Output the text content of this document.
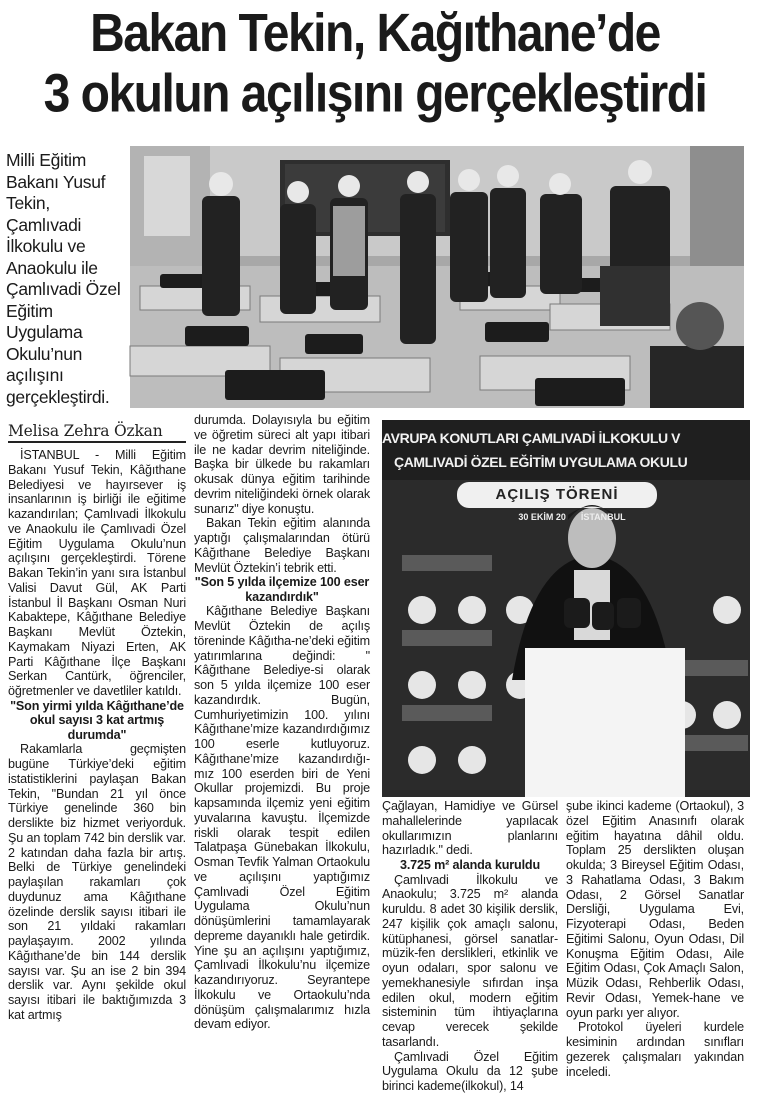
Bakan Tekin, Kağıthane’de
3 okulun açılışını gerçekleştirdi
Milli Eğitim Bakanı Yusuf Tekin, Çamlıvadi İlkokulu ve Anaokulu ile Çamlıvadi Özel Eğitim Uygulama Okulu’nun açılışını gerçekleştirdi.
Melisa Zehra Özkan

İSTANBUL - Milli Eğitim Bakanı Yusuf Tekin, Kâğıthane Belediyesi ve hayırsever iş insanlarının iş birliği ile eğitime kazandırılan; Çamlıvadi İlkokulu ve Anaokulu ile Çamlıvadi Özel Eğitim Uygulama Okulu’nun açılışını gerçekleştirdi. Törene Bakan Tekin’in yanı sıra İstanbul Valisi Davut Gül, AK Parti İstanbul İl Başkanı Osman Nuri Kabaktepe, Kâğıthane Belediye Başkanı Mevlüt Öztekin, Kaymakam Niyazi Erten, AK Parti Kâğıthane İlçe Başkanı Serkan Cantürk, öğrenciler, öğretmenler ve davetliler katıldı.

"Son yirmi yılda Kâğıthane’de okul sayısı 3 kat artmış durumda"

Rakamlarla geçmişten bugüne Türkiye’deki eğitim istatistiklerini paylaşan Bakan Tekin, "Bundan 21 yıl önce Türkiye genelinde 360 bin derslikte biz hizmet veriyorduk. Şu an toplam 742 bin derslik var. 2 katından daha fazla bir artış. Belki de Türkiye genelindeki paylaşılan rakamları çok duydunuz ama Kâğıthane özelinde derslik sayısı itibari ile son 21 yıldaki rakamları paylaşayım. 2002 yılında Kâğıthane’de bin 144 derslik sayısı var. Şu an ise 2 bin 394 derslik var. Aynı şekilde okul sayısı itibari ile baktığımızda 3 kat artmış

durumda. Dolayısıyla bu eğitim ve öğretim süreci alt yapı itibari ile ne kadar devrim niteliğinde. Başka bir ülkede bu rakamları okusak dünya eğitim tarihinde devrim niteliğindeki örnek olarak sunarız" diye konuştu.

Bakan Tekin eğitim alanında yaptığı çalışmalarından ötürü Kâğıthane Belediye Başkanı Mevlüt Öztekin’i tebrik etti.

"Son 5 yılda ilçemize 100 eser kazandırdık"

Kâğıthane Belediye Başkanı Mevlüt Öztekin de açılış töreninde Kâğıtha-ne’deki eğitim yatırımlarına değindi: " Kâğıthane Belediye-si olarak son 5 yılda ilçemize 100 eser kazandırdık. Bugün, Cumhuriyetimizin 100. yılını Kâğıthane’mize kazandırdığımız 100 eserle kutluyoruz. Kâğıthane’mize kazandırdığı-mız 100 eserden biri de Yeni Okullar projemizdi. Bu proje kapsamında ilçemiz yeni eğitim yuvalarına kavuştu. İlçemizde riskli olarak tespit edilen Talatpaşa Günebakan İlkokulu, Osman Tevfik Yalman Ortaokulu ve açılışını yaptığımız Çamlıvadi Özel Eğitim Uygulama Okulu’nun dönüşümlerini tamamlayarak depreme dayanıklı hale getirdik. Yine şu an açılışını yaptığımız, Çamlıvadi İlkokulu’nu ilçemize kazandırıyoruz. Seyrantepe İlkokulu ve Ortaokulu’nda dönüşüm çalışmalarımız hızla devam ediyor.

AVRUPA KONUTLARI ÇAMLIVADİ İLKOKULU V
ÇAMLIVADİ ÖZEL EĞİTİM UYGULAMA OKULU
AÇILIŞ TÖRENİ
30 EKİM 20      İSTANBUL

Çağlayan, Hamidiye ve Gürsel mahallelerinde yapılacak okullarımızın planlarını hazırladık." dedi.

3.725 m² alanda kuruldu

Çamlıvadi İlkokulu ve Anaokulu; 3.725 m² alanda kuruldu. 8 adet 30 kişilik derslik, 247 kişilik çok amaçlı salonu, kütüphanesi, görsel sanatlar-müzik-fen derslikleri, etkinlik ve oyun odaları, spor salonu ve yemekhanesiyle sıfırdan inşa edilen okul, modern eğitim sisteminin tüm ihtiyaçlarına cevap verecek şekilde tasarlandı.

Çamlıvadi Özel Eğitim Uygulama Okulu da 12 şube birinci kademe(ilkokul), 14

şube ikinci kademe (Ortaokul), 3 özel Eğitim Anasınıfı olarak eğitim hayatına dâhil oldu. Toplam 25 derslikten oluşan okulda; 3 Bireysel Eğitim Odası, 3 Rahatlama Odası, 3 Bakım Odası, 2 Görsel Sanatlar Dersliği, Uygulama Evi, Fizyoterapi Odası, Beden Eğitimi Salonu, Oyun Odası, Dil Konuşma Eğitim Odası, Aile Eğitim Odası, Çok Amaçlı Salon, Müzik Odası, Rehberlik Odası, Revir Odası, Yemek-hane ve oyun parkı yer alıyor.

Protokol üyeleri kurdele kesiminin ardından sınıfları gezerek çalışmaları yakından inceledi.
